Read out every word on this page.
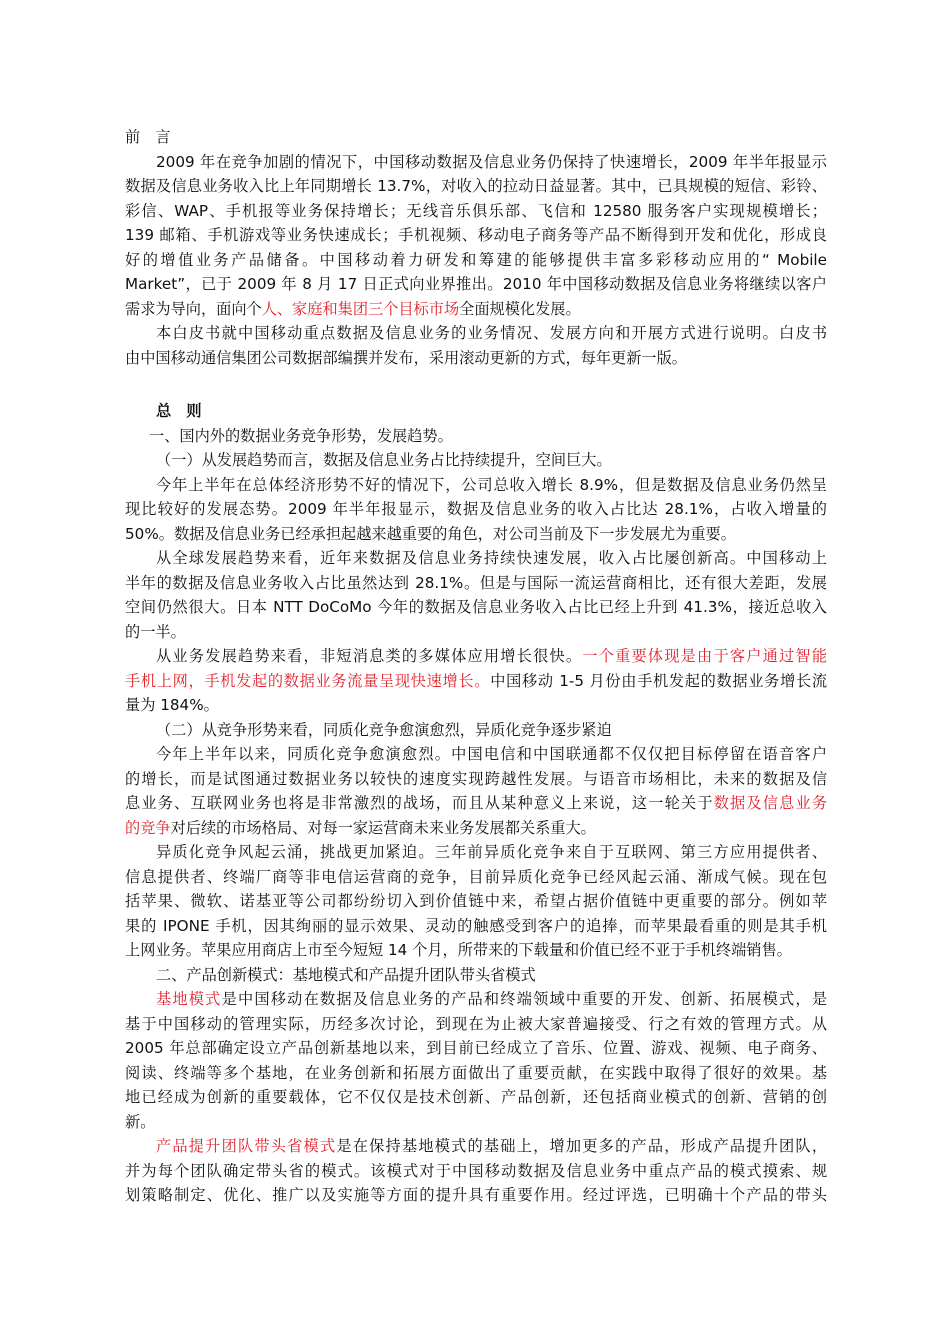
前　言
2009 年在竞争加剧的情况下，中国移动数据及信息业务仍保持了快速增长，2009 年半年报显示
数据及信息业务收入比上年同期增长 13.7%，对收入的拉动日益显著。其中，已具规模的短信、彩铃、
彩信、WAP、手机报等业务保持增长；无线音乐俱乐部、飞信和 12580 服务客户实现规模增长；
139 邮箱、手机游戏等业务快速成长；手机视频、移动电子商务等产品不断得到开发和优化，形成良
好的增值业务产品储备。中国移动着力研发和筹建的能够提供丰富多彩移动应用的“ Mobile
Market”，已于 2009 年 8 月 17 日正式向业界推出。2010 年中国移动数据及信息业务将继续以客户
需求为导向，面向个人、家庭和集团三个目标市场全面规模化发展。
本白皮书就中国移动重点数据及信息业务的业务情况、发展方向和开展方式进行说明。白皮书
由中国移动通信集团公司数据部编撰并发布，采用滚动更新的方式，每年更新一版。
总　则
一、国内外的数据业务竞争形势，发展趋势。
（一）从发展趋势而言，数据及信息业务占比持续提升，空间巨大。
今年上半年在总体经济形势不好的情况下，公司总收入增长 8.9%，但是数据及信息业务仍然呈
现比较好的发展态势。2009 年半年报显示，数据及信息业务的收入占比达 28.1%，占收入增量的
50%。数据及信息业务已经承担起越来越重要的角色，对公司当前及下一步发展尤为重要。
从全球发展趋势来看，近年来数据及信息业务持续快速发展，收入占比屡创新高。中国移动上
半年的数据及信息业务收入占比虽然达到 28.1%。但是与国际一流运营商相比，还有很大差距，发展
空间仍然很大。日本 NTT DoCoMo 今年的数据及信息业务收入占比已经上升到 41.3%，接近总收入
的一半。
从业务发展趋势来看，非短消息类的多媒体应用增长很快。一个重要体现是由于客户通过智能
手机上网，手机发起的数据业务流量呈现快速增长。中国移动 1-5 月份由手机发起的数据业务增长流
量为 184%。
（二）从竞争形势来看，同质化竞争愈演愈烈，异质化竞争逐步紧迫
今年上半年以来，同质化竞争愈演愈烈。中国电信和中国联通都不仅仅把目标停留在语音客户
的增长，而是试图通过数据业务以较快的速度实现跨越性发展。与语音市场相比，未来的数据及信
息业务、互联网业务也将是非常激烈的战场，而且从某种意义上来说，这一轮关于数据及信息业务
的竞争对后续的市场格局、对每一家运营商未来业务发展都关系重大。
异质化竞争风起云涌，挑战更加紧迫。三年前异质化竞争来自于互联网、第三方应用提供者、
信息提供者、终端厂商等非电信运营商的竞争，目前异质化竞争已经风起云涌、渐成气候。现在包
括苹果、微软、诺基亚等公司都纷纷切入到价值链中来，希望占据价值链中更重要的部分。例如苹
果的 IPONE 手机，因其绚丽的显示效果、灵动的触感受到客户的追捧，而苹果最看重的则是其手机
上网业务。苹果应用商店上市至今短短 14 个月，所带来的下载量和价值已经不亚于手机终端销售。
二、产品创新模式：基地模式和产品提升团队带头省模式
基地模式是中国移动在数据及信息业务的产品和终端领域中重要的开发、创新、拓展模式，是
基于中国移动的管理实际，历经多次讨论，到现在为止被大家普遍接受、行之有效的管理方式。从
2005 年总部确定设立产品创新基地以来，到目前已经成立了音乐、位置、游戏、视频、电子商务、
阅读、终端等多个基地，在业务创新和拓展方面做出了重要贡献，在实践中取得了很好的效果。基
地已经成为创新的重要载体，它不仅仅是技术创新、产品创新，还包括商业模式的创新、营销的创
新。
产品提升团队带头省模式是在保持基地模式的基础上，增加更多的产品，形成产品提升团队，
并为每个团队确定带头省的模式。该模式对于中国移动数据及信息业务中重点产品的模式摸索、规
划策略制定、优化、推广以及实施等方面的提升具有重要作用。经过评选，已明确十个产品的带头
